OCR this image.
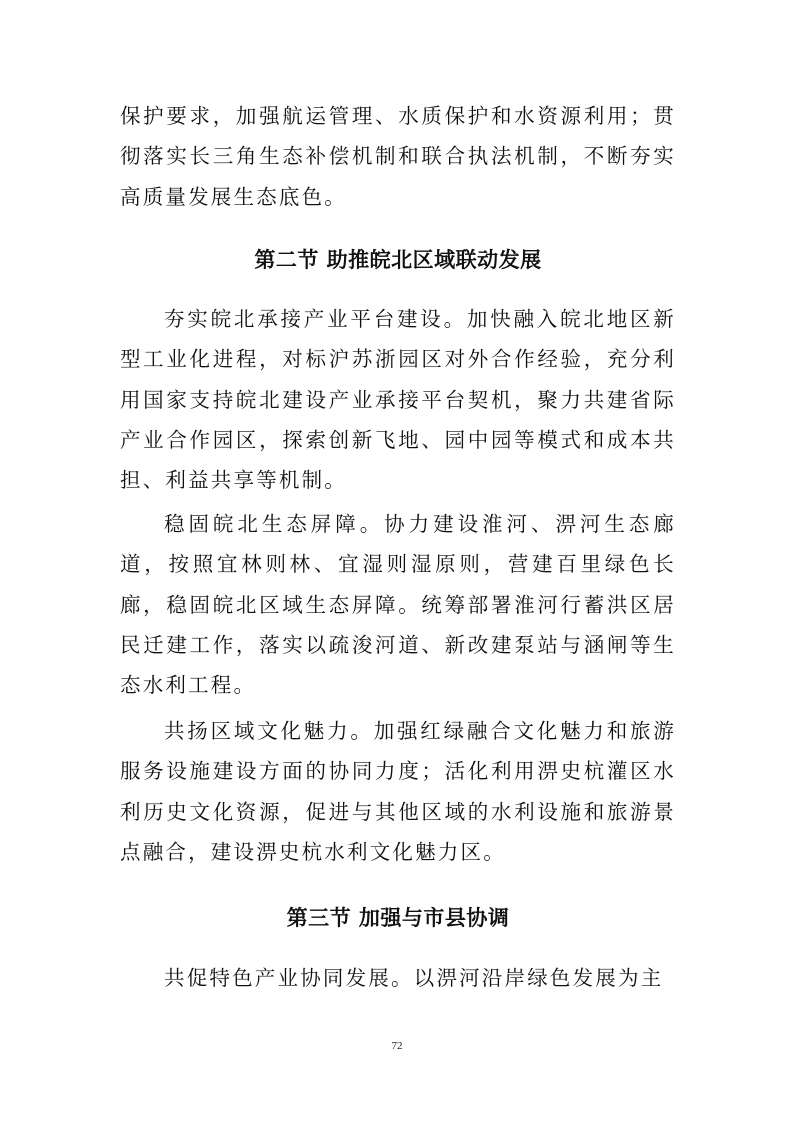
保护要求，加强航运管理、水质保护和水资源利用；贯彻落实长三角生态补偿机制和联合执法机制，不断夯实高质量发展生态底色。

第二节 助推皖北区域联动发展

夯实皖北承接产业平台建设。加快融入皖北地区新型工业化进程，对标沪苏浙园区对外合作经验，充分利用国家支持皖北建设产业承接平台契机，聚力共建省际产业合作园区，探索创新飞地、园中园等模式和成本共担、利益共享等机制。

稳固皖北生态屏障。协力建设淮河、淠河生态廊道，按照宜林则林、宜湿则湿原则，营建百里绿色长廊，稳固皖北区域生态屏障。统筹部署淮河行蓄洪区居民迁建工作，落实以疏浚河道、新改建泵站与涵闸等生态水利工程。

共扬区域文化魅力。加强红绿融合文化魅力和旅游服务设施建设方面的协同力度；活化利用淠史杭灌区水利历史文化资源，促进与其他区域的水利设施和旅游景点融合，建设淠史杭水利文化魅力区。

第三节 加强与市县协调

共促特色产业协同发展。以淠河沿岸绿色发展为主

72
